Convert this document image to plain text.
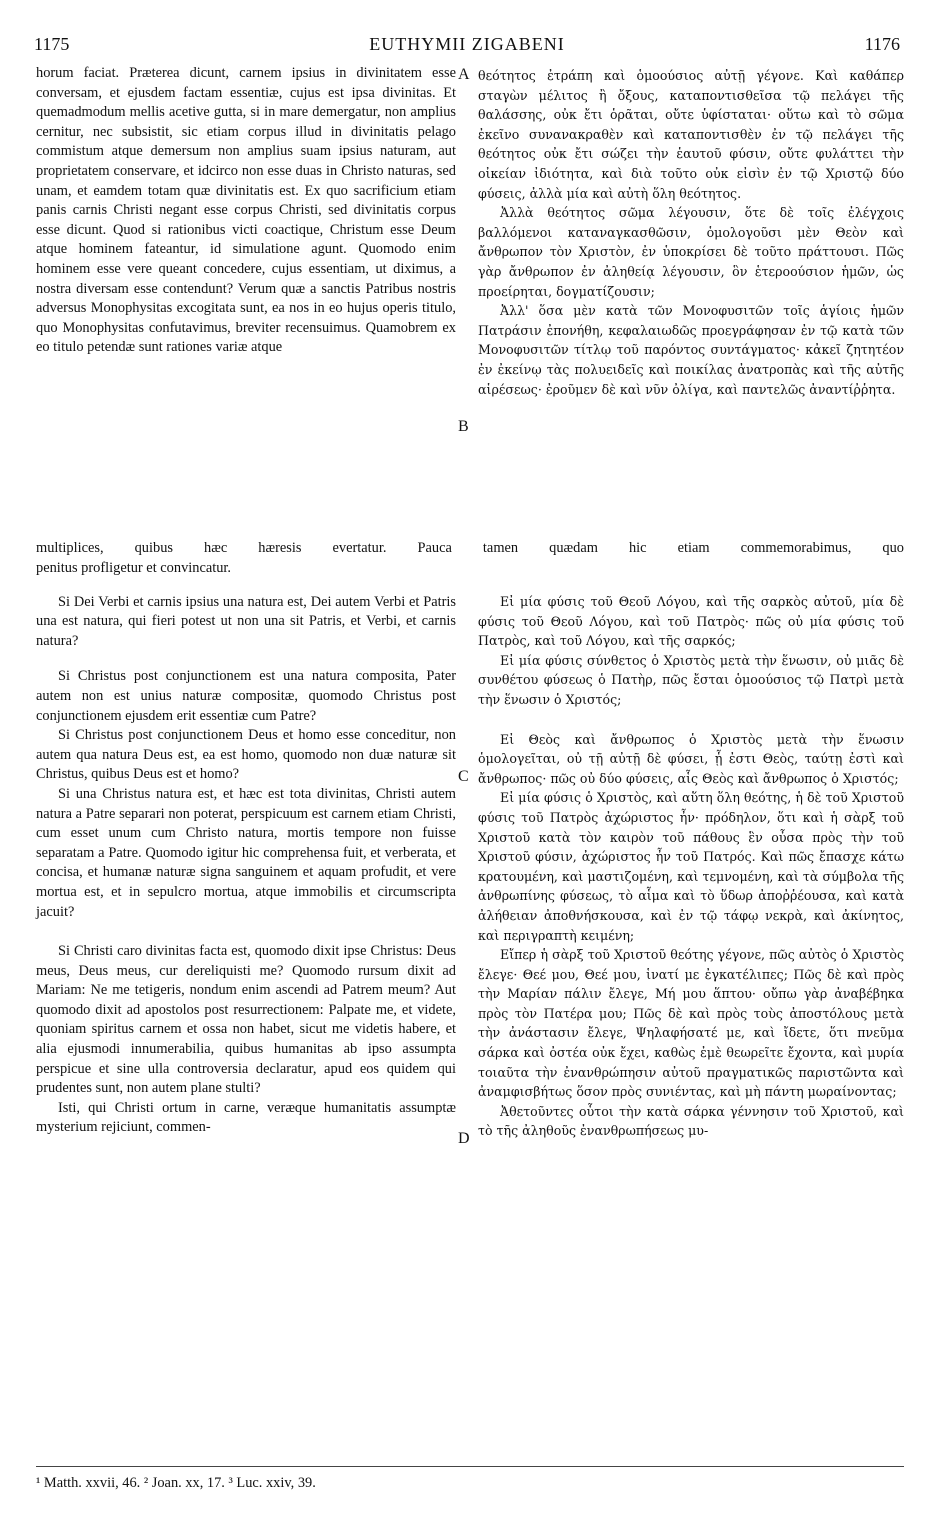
1175	EUTHYMII ZIGABENI	1176

horum faciat. Præterea dicunt, carnem ipsius in divinitatem esse conversam, et ejusdem factam essentiæ, cujus est ipsa divinitas. Et quemadmodum mellis acetive gutta, si in mare demergatur, non amplius cernitur, nec subsistit, sic etiam corpus illud in divinitatis pelago commistum atque demersum non amplius suam ipsius naturam, aut proprietatem conservare, et idcirco non esse duas in Christo naturas, sed unam, et eamdem totam quæ divinitatis est. Ex quo sacrificium etiam panis carnis Christi negant esse corpus Christi, sed divinitatis corpus esse dicunt. Quod si rationibus victi coactique, Christum esse Deum atque hominem fateantur, id simulatione agunt. Quomodo enim hominem esse vere queant concedere, cujus essentiam, ut diximus, a nostra diversam esse contendunt? Verum quæ a sanctis Patribus nostris adversus Monophysitas excogitata sunt, ea nos in eo hujus operis titulo, quo Monophysitas confutavimus, breviter recensuimus. Quamobrem ex eo titulo petendæ sunt rationes variæ atque

θεότητος ἐτράπη καὶ ὁμοούσιος αὐτῇ γέγονε. Καὶ καθάπερ σταγὼν μέλιτος ἢ ὄξους, καταποντισθεῖσα τῷ πελάγει τῆς θαλάσσης, οὐκ ἔτι ὁρᾶται, οὔτε ὑφίσταται· οὕτω καὶ τὸ σῶμα ἐκεῖνο συνανακραθὲν καὶ καταποντισθὲν ἐν τῷ πελάγει τῆς θεότητος οὐκ ἔτι σώζει τὴν ἑαυτοῦ φύσιν, οὔτε φυλάττει τὴν οἰκείαν ἰδιότητα, καὶ διὰ τοῦτο οὐκ εἰσὶν ἐν τῷ Χριστῷ δύο φύσεις, ἀλλὰ μία καὶ αὐτὴ ὅλη θεότητος.

Ἀλλὰ θεότητος σῶμα λέγουσιν, ὅτε δὲ τοῖς ἐλέγχοις βαλλόμενοι καταναγκασθῶσιν, ὁμολογοῦσι μὲν Θεὸν καὶ ἄνθρωπον τὸν Χριστὸν, ἐν ὑποκρίσει δὲ τοῦτο πράττουσι. Πῶς γὰρ ἄνθρωπον ἐν ἀληθείᾳ λέγουσιν, ὃν ἑτεροούσιον ἡμῶν, ὡς προείρηται, δογματίζουσιν;

Ἀλλ' ὅσα μὲν κατὰ τῶν Μονοφυσιτῶν τοῖς ἁγίοις ἡμῶν Πατράσιν ἐπονήθη, κεφαλαιωδῶς προεγράφησαν ἐν τῷ κατὰ τῶν Μονοφυσιτῶν τίτλῳ τοῦ παρόντος συντάγματος· κἀκεῖ ζητητέον ἐν ἐκείνῳ τὰς πολυειδεῖς καὶ ποικίλας ἀνατροπὰς καὶ τῆς αὐτῆς αἱρέσεως· ἐροῦμεν δὲ καὶ νῦν ὀλίγα, καὶ παντελῶς ἀναντίῤῥητα.

A
B
C
D
multiplices, quibus hæc hæresis evertatur. Pauca tamen quædam hic etiam commemorabimus, quo

penitus profligetur et convincatur.

Si Dei Verbi et carnis ipsius una natura est, Dei autem Verbi et Patris una est natura, qui fieri potest ut non una sit Patris, et Verbi, et carnis natura?

Si Christus post conjunctionem est una natura composita, Pater autem non est unius naturæ compositæ, quomodo Christus post conjunctionem ejusdem erit essentiæ cum Patre?

Si Christus post conjunctionem Deus et homo esse conceditur, non autem qua natura Deus est, ea est homo, quomodo non duæ naturæ sit Christus, quibus Deus est et homo?

Si una Christus natura est, et hæc est tota divinitas, Christi autem natura a Patre separari non poterat, perspicuum est carnem etiam Christi, cum esset unum cum Christo natura, mortis tempore non fuisse separatam a Patre. Quomodo igitur hic comprehensa fuit, et verberata, et concisa, et humanæ naturæ signa sanguinem et aquam profudit, et vere mortua est, et in sepulcro mortua, atque immobilis et circumscripta jacuit?

Si Christi caro divinitas facta est, quomodo dixit ipse Christus: Deus meus, Deus meus, cur dereliquisti me? Quomodo rursum dixit ad Mariam: Ne me tetigeris, nondum enim ascendi ad Patrem meum? Aut quomodo dixit ad apostolos post resurrectionem: Palpate me, et videte, quoniam spiritus carnem et ossa non habet, sicut me videtis habere, et alia ejusmodi innumerabilia, quibus humanitas ab ipso assumpta perspicue et sine ulla controversia declaratur, apud eos quidem qui prudentes sunt, non autem plane stulti?

Isti, qui Christi ortum in carne, veræque humanitatis assumptæ mysterium rejiciunt, commen-

Εἰ μία φύσις τοῦ Θεοῦ Λόγου, καὶ τῆς σαρκὸς αὐτοῦ, μία δὲ φύσις τοῦ Θεοῦ Λόγου, καὶ τοῦ Πατρὸς· πῶς οὐ μία φύσις τοῦ Πατρὸς, καὶ τοῦ Λόγου, καὶ τῆς σαρκός;

Εἰ μία φύσις σύνθετος ὁ Χριστὸς μετὰ τὴν ἕνωσιν, οὐ μιᾶς δὲ συνθέτου φύσεως ὁ Πατὴρ, πῶς ἔσται ὁμοούσιος τῷ Πατρὶ μετὰ τὴν ἕνωσιν ὁ Χριστός;

Εἰ Θεὸς καὶ ἄνθρωπος ὁ Χριστὸς μετὰ τὴν ἕνωσιν ὁμολογεῖται, οὐ τῇ αὐτῇ δὲ φύσει, ᾗ ἐστι Θεὸς, ταύτῃ ἐστὶ καὶ ἄνθρωπος· πῶς οὐ δύο φύσεις, αἷς Θεὸς καὶ ἄνθρωπος ὁ Χριστός;

Εἰ μία φύσις ὁ Χριστὸς, καὶ αὕτη ὅλη θεότης, ἡ δὲ τοῦ Χριστοῦ φύσις τοῦ Πατρὸς ἀχώριστος ἦν· πρόδηλον, ὅτι καὶ ἡ σὰρξ τοῦ Χριστοῦ κατὰ τὸν καιρὸν τοῦ πάθους ἓν οὖσα πρὸς τὴν τοῦ Χριστοῦ φύσιν, ἀχώριστος ἦν τοῦ Πατρός. Καὶ πῶς ἔπασχε κάτω κρατουμένη, καὶ μαστιζομένη, καὶ τεμνομένη, καὶ τὰ σύμβολα τῆς ἀνθρωπίνης φύσεως, τὸ αἷμα καὶ τὸ ὕδωρ ἀποῤῥέουσα, καὶ κατὰ ἀλήθειαν ἀποθνήσκουσα, καὶ ἐν τῷ τάφῳ νεκρὰ, καὶ ἀκίνητος, καὶ περιγραπτὴ κειμένη;

Εἴπερ ἡ σὰρξ τοῦ Χριστοῦ θεότης γέγονε, πῶς αὐτὸς ὁ Χριστὸς ἔλεγε· Θεέ μου, Θεέ μου, ἱνατί με ἐγκατέλιπες; Πῶς δὲ καὶ πρὸς τὴν Μαρίαν πάλιν ἔλεγε, Μή μου ἅπτου· οὔπω γὰρ ἀναβέβηκα πρὸς τὸν Πατέρα μου; Πῶς δὲ καὶ πρὸς τοὺς ἀποστόλους μετὰ τὴν ἀνάστασιν ἔλεγε, Ψηλαφήσατέ με, καὶ ἴδετε, ὅτι πνεῦμα σάρκα καὶ ὀστέα οὐκ ἔχει, καθὼς ἐμὲ θεωρεῖτε ἔχοντα, καὶ μυρία τοιαῦτα τὴν ἐνανθρώπησιν αὐτοῦ πραγματικῶς παριστῶντα καὶ ἀναμφισβήτως ὅσον πρὸς συνιέντας, καὶ μὴ πάντη μωραίνοντας;

Ἀθετοῦντες οὗτοι τὴν κατὰ σάρκα γέννησιν τοῦ Χριστοῦ, καὶ τὸ τῆς ἀληθοῦς ἐνανθρωπήσεως μυ-

¹ Matth. xxvii, 46. ² Joan. xx, 17. ³ Luc. xxiv, 39.
